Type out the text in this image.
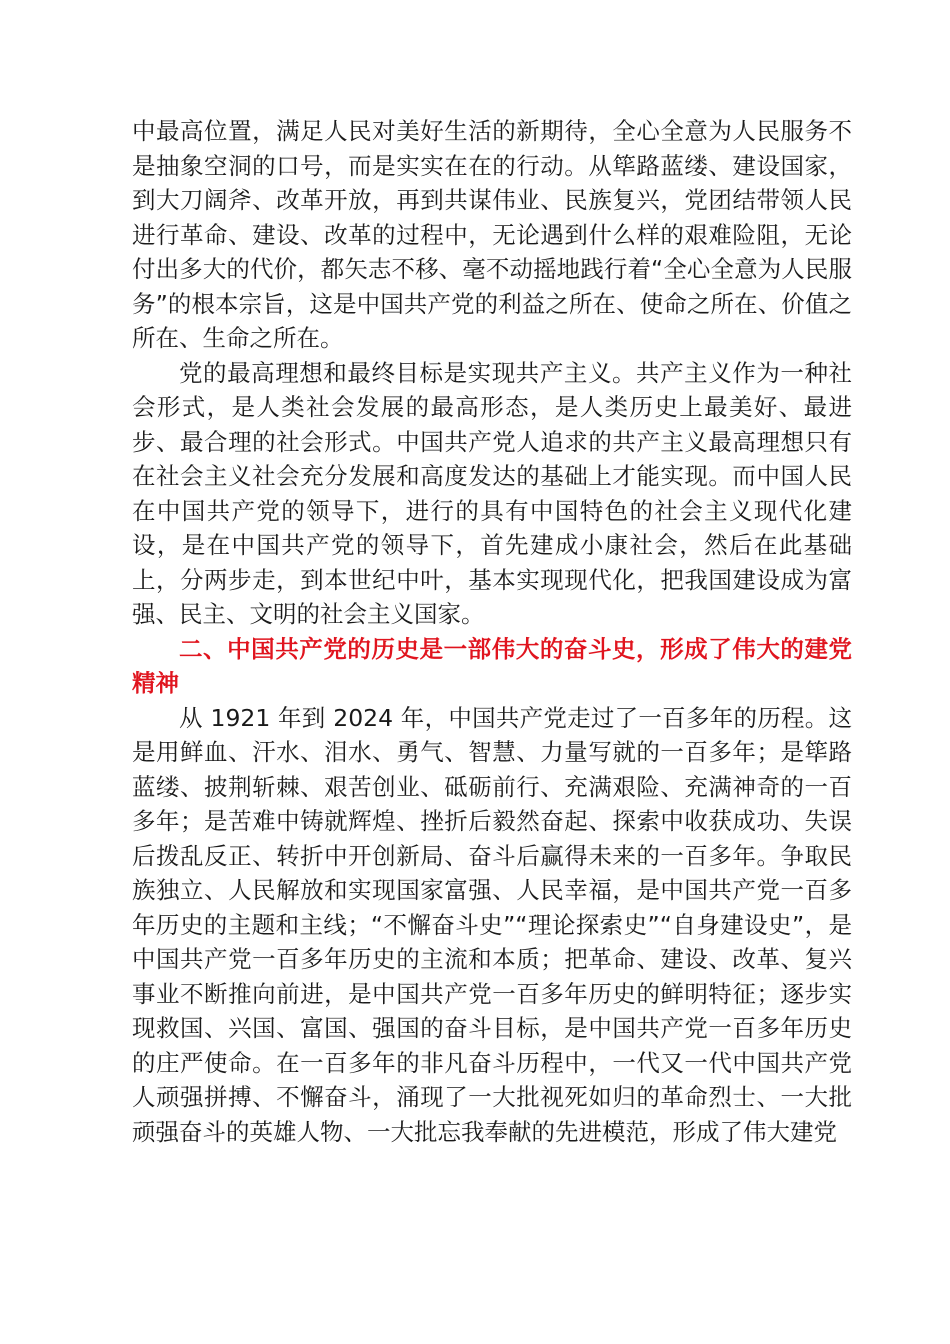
中最高位置，满足人民对美好生活的新期待，全心全意为人民服务不是抽象空洞的口号，而是实实在在的行动。从筚路蓝缕、建设国家，到大刀阔斧、改革开放，再到共谋伟业、民族复兴，党团结带领人民进行革命、建设、改革的过程中，无论遇到什么样的艰难险阻，无论付出多大的代价，都矢志不移、毫不动摇地践行着“全心全意为人民服务”的根本宗旨，这是中国共产党的利益之所在、使命之所在、价值之所在、生命之所在。

党的最高理想和最终目标是实现共产主义。共产主义作为一种社会形式，是人类社会发展的最高形态，是人类历史上最美好、最进步、最合理的社会形式。中国共产党人追求的共产主义最高理想只有在社会主义社会充分发展和高度发达的基础上才能实现。而中国人民在中国共产党的领导下，进行的具有中国特色的社会主义现代化建设，是在中国共产党的领导下，首先建成小康社会，然后在此基础上，分两步走，到本世纪中叶，基本实现现代化，把我国建设成为富强、民主、文明的社会主义国家。

二、中国共产党的历史是一部伟大的奋斗史，形成了伟大的建党精神

从 1921 年到 2024 年，中国共产党走过了一百多年的历程。这是用鲜血、汗水、泪水、勇气、智慧、力量写就的一百多年；是筚路蓝缕、披荆斩棘、艰苦创业、砥砺前行、充满艰险、充满神奇的一百多年；是苦难中铸就辉煌、挫折后毅然奋起、探索中收获成功、失误后拨乱反正、转折中开创新局、奋斗后赢得未来的一百多年。争取民族独立、人民解放和实现国家富强、人民幸福，是中国共产党一百多年历史的主题和主线；“不懈奋斗史”“理论探索史”“自身建设史”，是中国共产党一百多年历史的主流和本质；把革命、建设、改革、复兴事业不断推向前进，是中国共产党一百多年历史的鲜明特征；逐步实现救国、兴国、富国、强国的奋斗目标，是中国共产党一百多年历史的庄严使命。在一百多年的非凡奋斗历程中，一代又一代中国共产党人顽强拼搏、不懈奋斗，涌现了一大批视死如归的革命烈士、一大批顽强奋斗的英雄人物、一大批忘我奉献的先进模范，形成了伟大建党
